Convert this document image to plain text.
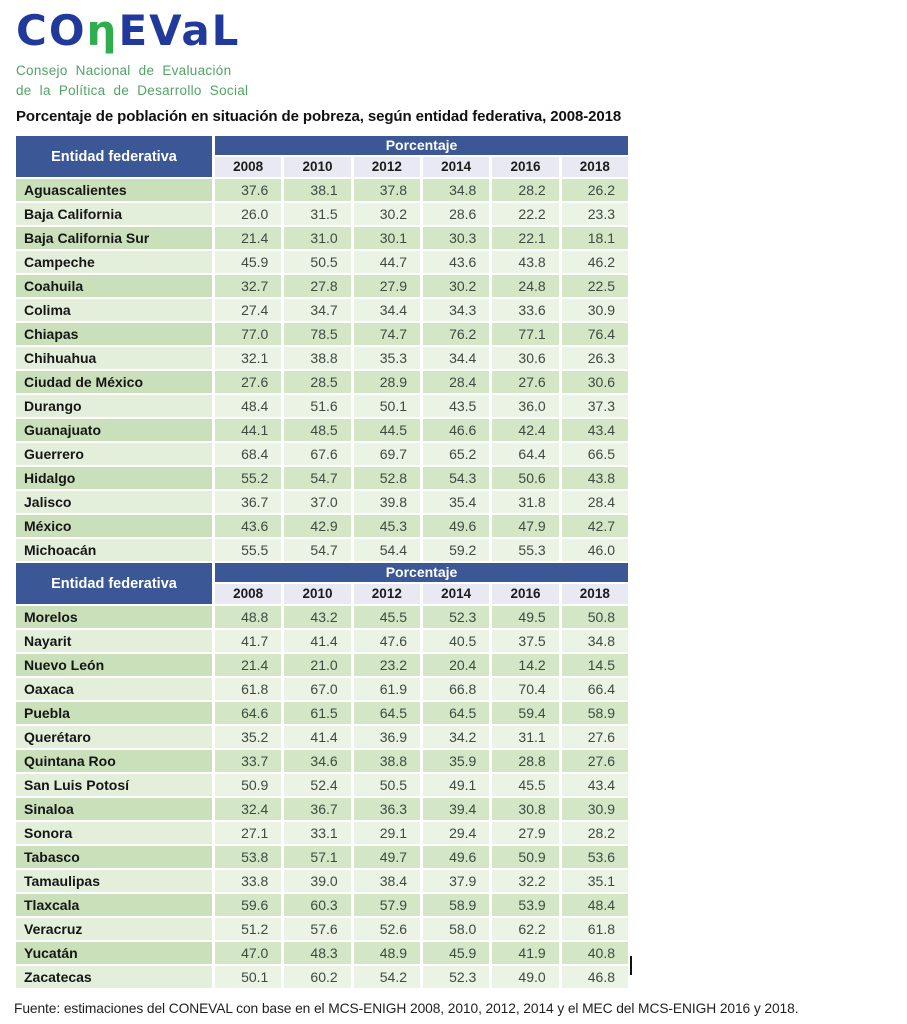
COηEVaL
Consejo Nacional de Evaluación
de la Política de Desarrollo Social
Porcentaje de población en situación de pobreza, según entidad federativa, 2008-2018
Entidad federativa
Porcentaje
2008	2010	2012	2014	2016	2018
Aguascalientes	37.6	38.1	37.8	34.8	28.2	26.2
Baja California	26.0	31.5	30.2	28.6	22.2	23.3
Baja California Sur	21.4	31.0	30.1	30.3	22.1	18.1
Campeche	45.9	50.5	44.7	43.6	43.8	46.2
Coahuila	32.7	27.8	27.9	30.2	24.8	22.5
Colima	27.4	34.7	34.4	34.3	33.6	30.9
Chiapas	77.0	78.5	74.7	76.2	77.1	76.4
Chihuahua	32.1	38.8	35.3	34.4	30.6	26.3
Ciudad de México	27.6	28.5	28.9	28.4	27.6	30.6
Durango	48.4	51.6	50.1	43.5	36.0	37.3
Guanajuato	44.1	48.5	44.5	46.6	42.4	43.4
Guerrero	68.4	67.6	69.7	65.2	64.4	66.5
Hidalgo	55.2	54.7	52.8	54.3	50.6	43.8
Jalisco	36.7	37.0	39.8	35.4	31.8	28.4
México	43.6	42.9	45.3	49.6	47.9	42.7
Michoacán	55.5	54.7	54.4	59.2	55.3	46.0
Entidad federativa
Porcentaje
2008	2010	2012	2014	2016	2018
Morelos	48.8	43.2	45.5	52.3	49.5	50.8
Nayarit	41.7	41.4	47.6	40.5	37.5	34.8
Nuevo León	21.4	21.0	23.2	20.4	14.2	14.5
Oaxaca	61.8	67.0	61.9	66.8	70.4	66.4
Puebla	64.6	61.5	64.5	64.5	59.4	58.9
Querétaro	35.2	41.4	36.9	34.2	31.1	27.6
Quintana Roo	33.7	34.6	38.8	35.9	28.8	27.6
San Luis Potosí	50.9	52.4	50.5	49.1	45.5	43.4
Sinaloa	32.4	36.7	36.3	39.4	30.8	30.9
Sonora	27.1	33.1	29.1	29.4	27.9	28.2
Tabasco	53.8	57.1	49.7	49.6	50.9	53.6
Tamaulipas	33.8	39.0	38.4	37.9	32.2	35.1
Tlaxcala	59.6	60.3	57.9	58.9	53.9	48.4
Veracruz	51.2	57.6	52.6	58.0	62.2	61.8
Yucatán	47.0	48.3	48.9	45.9	41.9	40.8
Zacatecas	50.1	60.2	54.2	52.3	49.0	46.8
Fuente: estimaciones del CONEVAL con base en el MCS-ENIGH 2008, 2010, 2012, 2014 y el MEC del MCS-ENIGH 2016 y 2018.
